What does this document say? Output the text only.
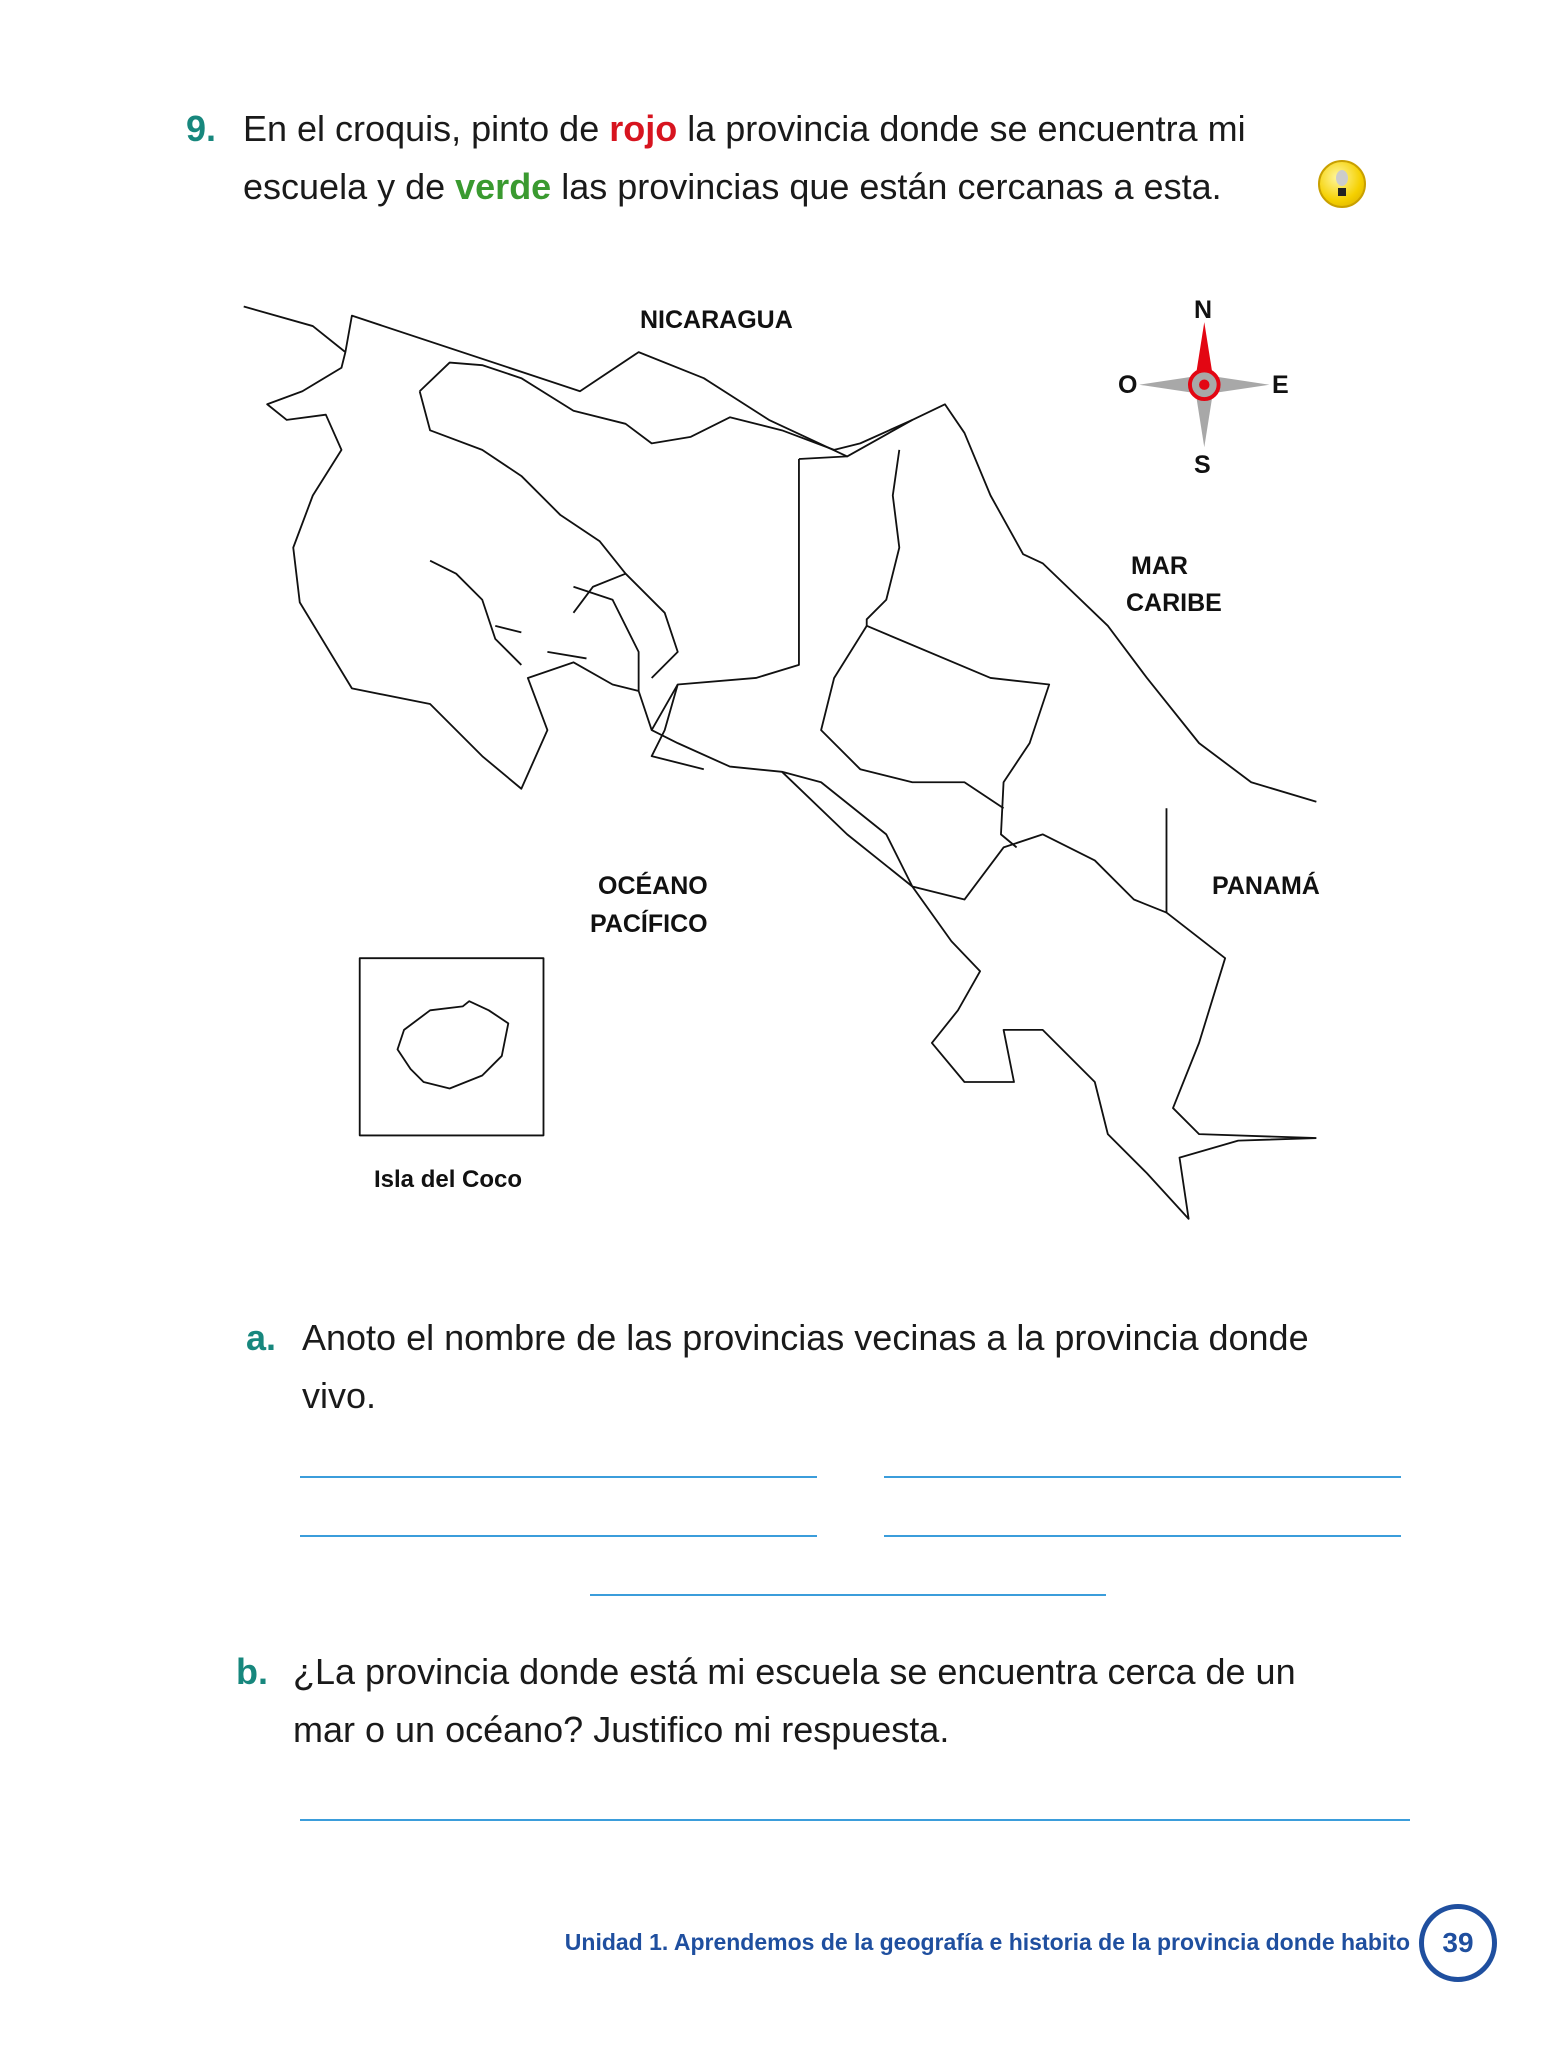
9. En el croquis, pinto de rojo la provincia donde se encuentra mi
escuela y de verde las provincias que están cercanas a esta.
N
S
O	E
NICARAGUA
MAR
CARIBE
PANAMÁ
OCÉANO
PACÍFICO
Isla del Coco
a. Anoto el nombre de las provincias vecinas a la provincia donde
vivo.
b. ¿La provincia donde está mi escuela se encuentra cerca de un
mar o un océano? Justifico mi respuesta.
Unidad 1. Aprendemos de la geografía e historia de la provincia donde habito 39
